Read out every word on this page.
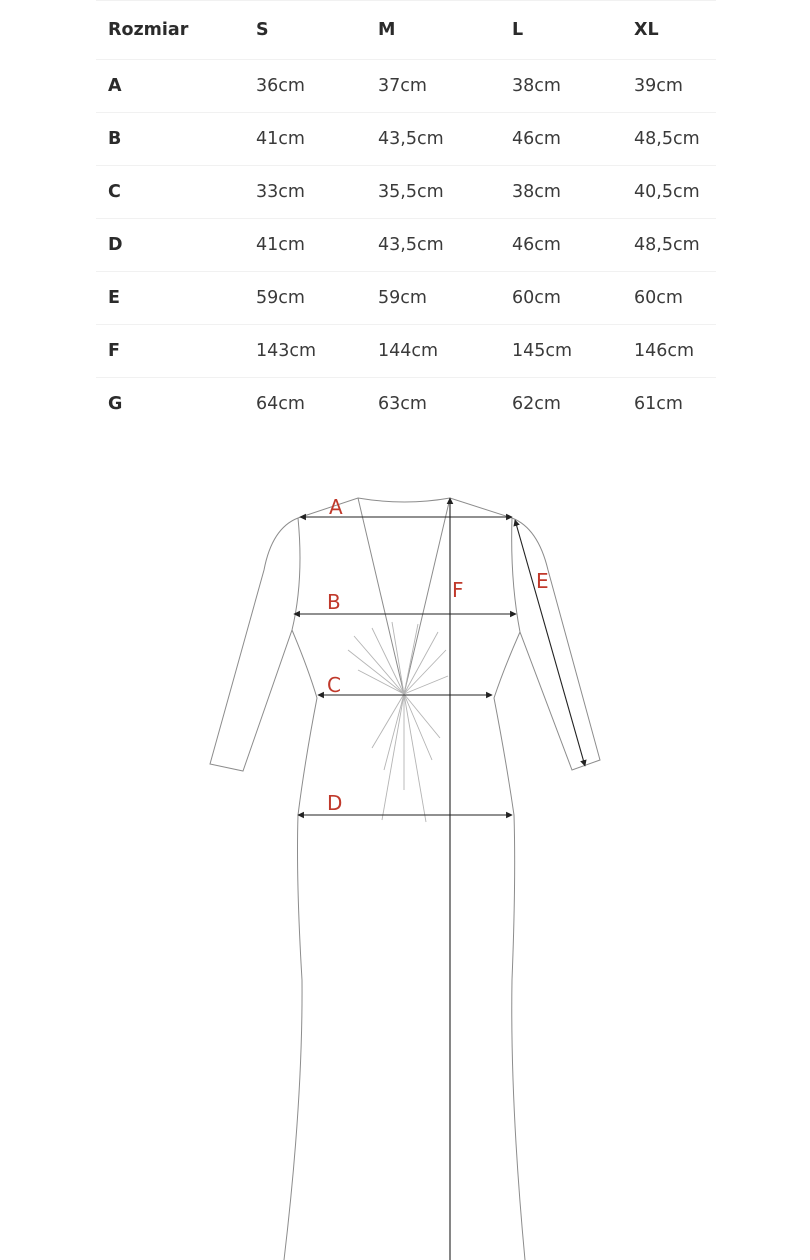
Rozmiar	S	M	L	XL
A	36cm	37cm	38cm	39cm
B	41cm	43,5cm	46cm	48,5cm
C	33cm	35,5cm	38cm	40,5cm
D	41cm	43,5cm	46cm	48,5cm
E	59cm	59cm	60cm	60cm
F	143cm	144cm	145cm	146cm
G	64cm	63cm	62cm	61cm
A
B
C
D
E
F
